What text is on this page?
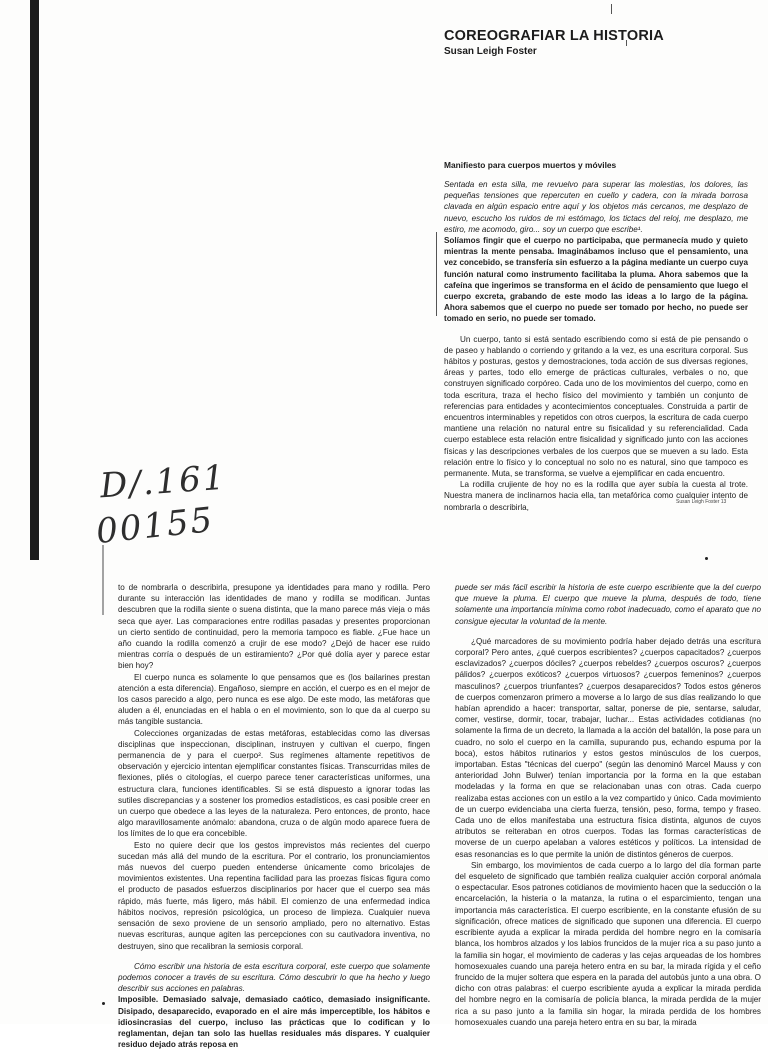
COREOGRAFIAR LA HISTORIA
Susan Leigh Foster
Manifiesto para cuerpos muertos y móviles

Sentada en esta silla, me revuelvo para superar las molestias, los dolores, las pequeñas tensiones que repercuten en cuello y cadera, con la mirada borrosa clavada en algún espacio entre aquí y los objetos más cercanos, me desplazo de nuevo, escucho los ruidos de mi estómago, los tictacs del reloj, me desplazo, me estiro, me acomodo, giro... soy un cuerpo que escribe¹.

Solíamos fingir que el cuerpo no participaba, que permanecía mudo y quieto mientras la mente pensaba. Imaginábamos incluso que el pensamiento, una vez concebido, se transfería sin esfuerzo a la página mediante un cuerpo cuya función natural como instrumento facilitaba la pluma. Ahora sabemos que la cafeína que ingerimos se transforma en el ácido de pensamiento que luego el cuerpo excreta, grabando de este modo las ideas a lo largo de la página. Ahora sabemos que el cuerpo no puede ser tomado por hecho, no puede ser tomado en serio, no puede ser tomado.

Un cuerpo, tanto si está sentado escribiendo como si está de pie pensando o de paseo y hablando o corriendo y gritando a la vez, es una escritura corporal. Sus hábitos y posturas, gestos y demostraciones, toda acción de sus diversas regiones, áreas y partes, todo ello emerge de prácticas culturales, verbales o no, que construyen significado corpóreo. Cada uno de los movimientos del cuerpo, como en toda escritura, traza el hecho físico del movimiento y también un conjunto de referencias para entidades y acontecimientos conceptuales. Construida a partir de encuentros interminables y repetidos con otros cuerpos, la escritura de cada cuerpo mantiene una relación no natural entre su fisicalidad y su referencialidad. Cada cuerpo establece esta relación entre fisicalidad y significado junto con las acciones físicas y las descripciones verbales de los cuerpos que se mueven a su lado. Esta relación entre lo físico y lo conceptual no solo no es natural, sino que tampoco es permanente. Muta, se transforma, se vuelve a ejemplificar en cada encuentro.

La rodilla crujiente de hoy no es la rodilla que ayer subía la cuesta al trote. Nuestra manera de inclinarnos hacia ella, tan metafórica como cualquier intento de nombrarla o describirla,

Susan Leigh Foster 13
D/.161
00155

to de nombrarla o describirla, presupone ya identidades para mano y rodilla. Pero durante su interacción las identidades de mano y rodilla se modifican. Juntas descubren que la rodilla siente o suena distinta, que la mano parece más vieja o más seca que ayer. Las comparaciones entre rodillas pasadas y presentes proporcionan un cierto sentido de continuidad, pero la memoria tampoco es fiable. ¿Fue hace un año cuando la rodilla comenzó a crujir de ese modo? ¿Dejó de hacer ese ruido mientras corría o después de un estiramiento? ¿Por qué dolía ayer y parece estar bien hoy?

El cuerpo nunca es solamente lo que pensamos que es (los bailarines prestan atención a esta diferencia). Engañoso, siempre en acción, el cuerpo es en el mejor de los casos parecido a algo, pero nunca es ese algo. De este modo, las metáforas que aluden a él, enunciadas en el habla o en el movimiento, son lo que da al cuerpo su más tangible sustancia.

Colecciones organizadas de estas metáforas, establecidas como las diversas disciplinas que inspeccionan, disciplinan, instruyen y cultivan el cuerpo, fingen permanencia de y para el cuerpo². Sus regímenes altamente repetitivos de observación y ejercicio intentan ejemplificar constantes físicas. Transcurridas miles de flexiones, pliés o citologías, el cuerpo parece tener características uniformes, una estructura clara, funciones identificables. Si se está dispuesto a ignorar todas las sutiles discrepancias y a sostener los promedios estadísticos, es casi posible creer en un cuerpo que obedece a las leyes de la naturaleza. Pero entonces, de pronto, hace algo maravillosamente anómalo: abandona, cruza o de algún modo aparece fuera de los límites de lo que era concebible.

Esto no quiere decir que los gestos imprevistos más recientes del cuerpo sucedan más allá del mundo de la escritura. Por el contrario, los pronunciamientos más nuevos del cuerpo pueden entenderse únicamente como bricolajes de movimientos existentes. Una repentina facilidad para las proezas físicas figura como el producto de pasados esfuerzos disciplinarios por hacer que el cuerpo sea más rápido, más fuerte, más ligero, más hábil. El comienzo de una enfermedad indica hábitos nocivos, represión psicológica, un proceso de limpieza. Cualquier nueva sensación de sexo proviene de un sensorio ampliado, pero no alternativo. Estas nuevas escrituras, aunque agiten las percepciones con su cautivadora inventiva, no destruyen, sino que recalibran la semiosis corporal.

Cómo escribir una historia de esta escritura corporal, este cuerpo que solamente podemos conocer a través de su escritura. Cómo descubrir lo que ha hecho y luego describir sus acciones en palabras.

Imposible. Demasiado salvaje, demasiado caótico, demasiado insignificante. Disipado, desaparecido, evaporado en el aire más imperceptible, los hábitos e idiosincrasias del cuerpo, incluso las prácticas que lo codifican y lo reglamentan, dejan tan solo las huellas residuales más dispares. Y cualquier residuo dejado atrás reposa en

puede ser más fácil escribir la historia de este cuerpo escribiente que la del cuerpo que mueve la pluma. El cuerpo que mueve la pluma, después de todo, tiene solamente una importancia mínima como robot inadecuado, como el aparato que no consigue ejecutar la voluntad de la mente.

¿Qué marcadores de su movimiento podría haber dejado detrás una escritura corporal? Pero antes, ¿qué cuerpos escribientes? ¿cuerpos capacitados? ¿cuerpos esclavizados? ¿cuerpos dóciles? ¿cuerpos rebeldes? ¿cuerpos oscuros? ¿cuerpos pálidos? ¿cuerpos exóticos? ¿cuerpos virtuosos? ¿cuerpos femeninos? ¿cuerpos masculinos? ¿cuerpos triunfantes? ¿cuerpos desaparecidos? Todos estos géneros de cuerpos comenzaron primero a moverse a lo largo de sus días realizando lo que habían aprendido a hacer: transportar, saltar, ponerse de pie, sentarse, saludar, comer, vestirse, dormir, tocar, trabajar, luchar... Estas actividades cotidianas (no solamente la firma de un decreto, la llamada a la acción del batallón, la pose para un cuadro, no solo el cuerpo en la camilla, supurando pus, echando espuma por la boca), estos hábitos rutinarios y estos gestos minúsculos de los cuerpos, importaban. Estas "técnicas del cuerpo" (según las denominó Marcel Mauss y con anterioridad John Bulwer) tenían importancia por la forma en la que estaban modeladas y la forma en que se relacionaban unas con otras. Cada cuerpo realizaba estas acciones con un estilo a la vez compartido y único. Cada movimiento de un cuerpo evidenciaba una cierta fuerza, tensión, peso, forma, tempo y fraseo. Cada uno de ellos manifestaba una estructura física distinta, algunos de cuyos atributos se reiteraban en otros cuerpos. Todas las formas características de moverse de un cuerpo apelaban a valores estéticos y políticos. La intensidad de esas resonancias es lo que permite la unión de distintos géneros de cuerpos.

Sin embargo, los movimientos de cada cuerpo a lo largo del día forman parte del esqueleto de significado que también realiza cualquier acción corporal anómala o espectacular. Esos patrones cotidianos de movimiento hacen que la seducción o la encarcelación, la histeria o la matanza, la rutina o el esparcimiento, tengan una importancia más característica. El cuerpo escribiente, en la constante efusión de su significación, ofrece matices de significado que suponen una diferencia. El cuerpo escribiente ayuda a explicar la mirada perdida del hombre negro en la comisaría blanca, los hombros alzados y los labios fruncidos de la mujer rica a su paso junto a la familia sin hogar, el movimiento de caderas y las cejas arqueadas de los hombres homosexuales cuando una pareja hetero entra en su bar, la mirada rígida y el ceño fruncido de la mujer soltera que espera en la parada del autobús junto a una obra. O dicho con otras palabras: el cuerpo escribiente ayuda a explicar la mirada perdida del hombre negro en la comisaría de policía blanca, la mirada perdida de la mujer rica a su paso junto a la familia sin hogar, la mirada perdida de los hombres homosexuales cuando una pareja hetero entra en su bar, la mirada
